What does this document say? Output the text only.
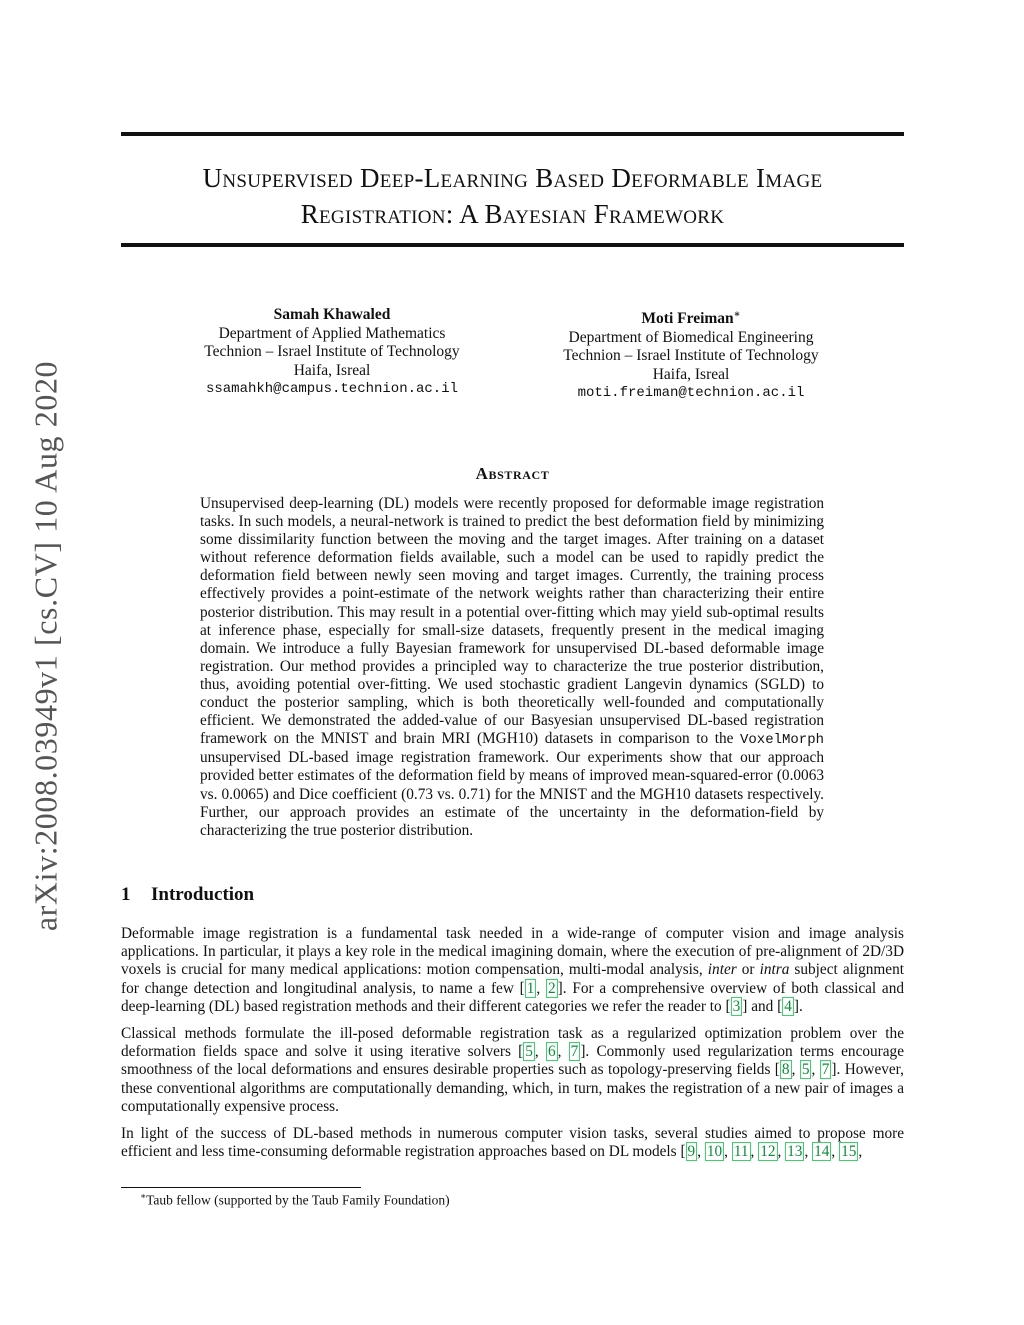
arXiv:2008.03949v1 [cs.CV] 10 Aug 2020
Unsupervised Deep-Learning Based Deformable Image
Registration: A Bayesian Framework
Samah Khawaled
Department of Applied Mathematics
Technion – Israel Institute of Technology
Haifa, Isreal
ssamahkh@campus.technion.ac.il
Moti Freiman∗
Department of Biomedical Engineering
Technion – Israel Institute of Technology
Haifa, Isreal
moti.freiman@technion.ac.il
Abstract
Unsupervised deep-learning (DL) models were recently proposed for deformable image registration tasks. In such models, a neural-network is trained to predict the best deformation field by minimizing some dissimilarity function between the moving and the target images. After training on a dataset without reference deformation fields available, such a model can be used to rapidly predict the deformation field between newly seen moving and target images. Currently, the training process effectively provides a point-estimate of the network weights rather than characterizing their entire posterior distribution. This may result in a potential over-fitting which may yield sub-optimal results at inference phase, especially for small-size datasets, frequently present in the medical imaging domain. We introduce a fully Bayesian framework for unsupervised DL-based deformable image registration. Our method provides a principled way to characterize the true posterior distribution, thus, avoiding potential over-fitting. We used stochastic gradient Langevin dynamics (SGLD) to conduct the posterior sampling, which is both theoretically well-founded and computationally efficient. We demonstrated the added-value of our Basyesian unsupervised DL-based registration framework on the MNIST and brain MRI (MGH10) datasets in comparison to the VoxelMorph unsupervised DL-based image registration framework. Our experiments show that our approach provided better estimates of the deformation field by means of improved mean-squared-error (0.0063 vs. 0.0065) and Dice coefficient (0.73 vs. 0.71) for the MNIST and the MGH10 datasets respectively. Further, our approach provides an estimate of the uncertainty in the deformation-field by characterizing the true posterior distribution.
1 Introduction

Deformable image registration is a fundamental task needed in a wide-range of computer vision and image analysis applications. In particular, it plays a key role in the medical imagining domain, where the execution of pre-alignment of 2D/3D voxels is crucial for many medical applications: motion compensation, multi-modal analysis, inter or intra subject alignment for change detection and longitudinal analysis, to name a few [ 1 , 2 ]. For a comprehensive overview of both classical and deep-learning (DL) based registration methods and their different categories we refer the reader to [ 3 ] and [ 4 ].

Classical methods formulate the ill-posed deformable registration task as a regularized optimization problem over the deformation fields space and solve it using iterative solvers [ 5 , 6 , 7 ]. Commonly used regularization terms encourage smoothness of the local deformations and ensures desirable properties such as topology-preserving fields [ 8 , 5 , 7 ]. However, these conventional algorithms are computationally demanding, which, in turn, makes the registration of a new pair of images a computationally expensive process.

In light of the success of DL-based methods in numerous computer vision tasks, several studies aimed to propose more efficient and less time-consuming deformable registration approaches based on DL models [ 9 , 10 , 11 , 12 , 13 , 14 , 15 ,

∗Taub fellow (supported by the Taub Family Foundation)
